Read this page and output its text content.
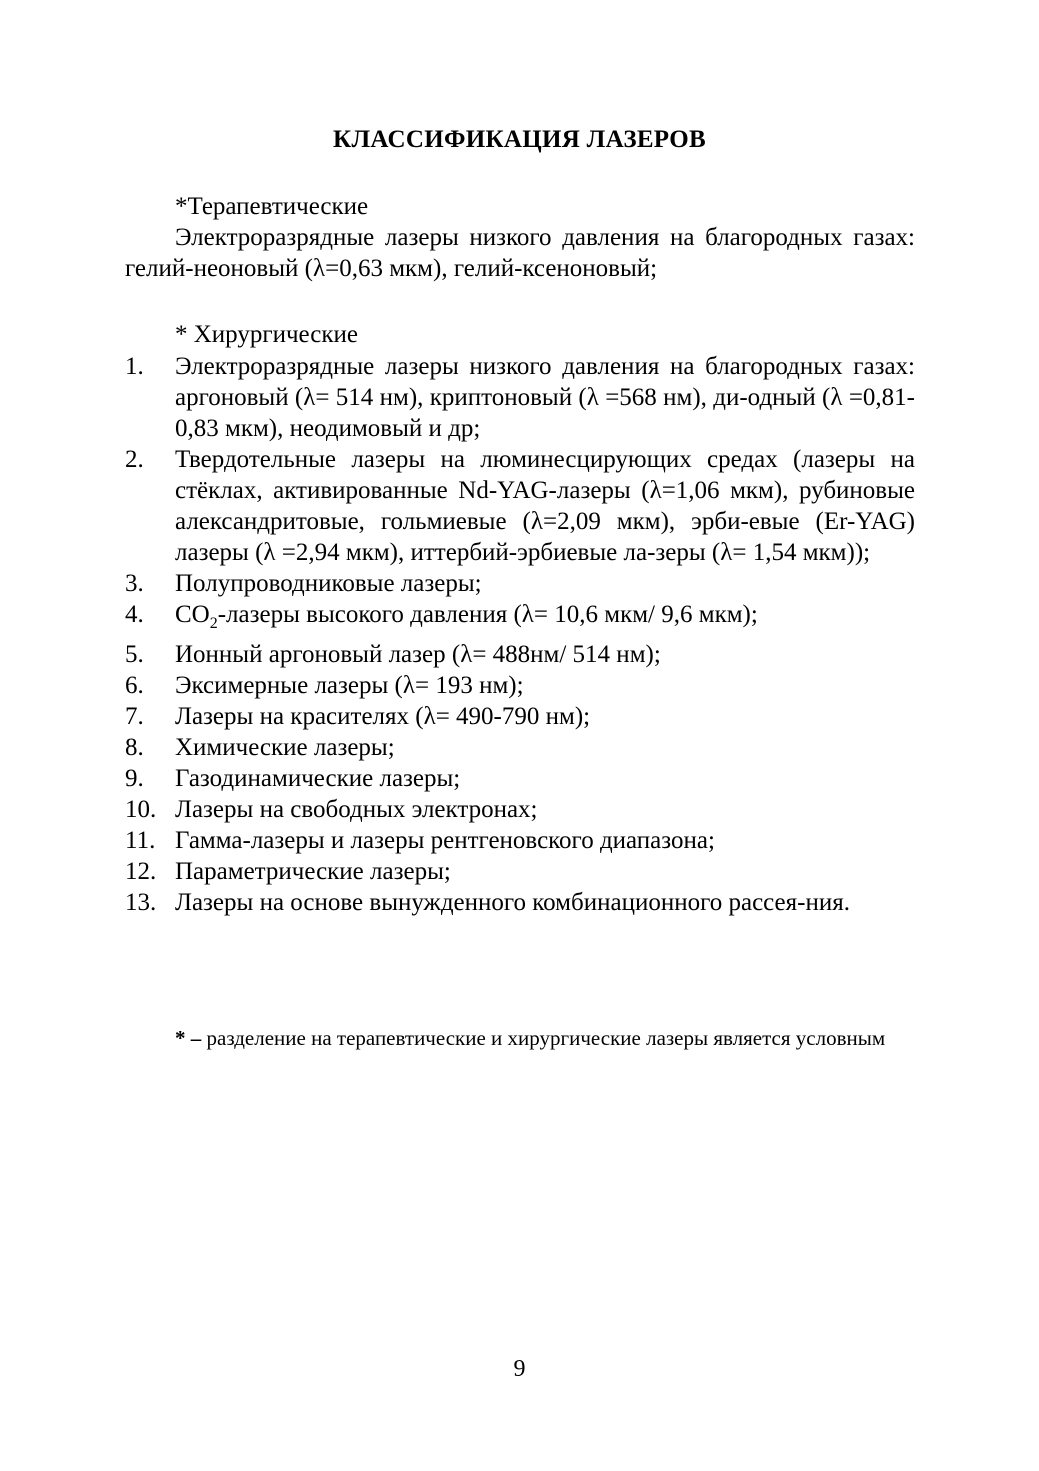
КЛАССИФИКАЦИЯ ЛАЗЕРОВ
*Терапевтические
Электроразрядные лазеры низкого давления на благородных газах: гелий-неоновый (λ=0,63 мкм), гелий-ксеноновый;
* Хирургические
1.	Электроразрядные лазеры низкого давления на благородных газах: аргоновый (λ= 514 нм), криптоновый (λ =568 нм), ди-одный (λ =0,81-0,83 мкм), неодимовый и др;
2.	Твердотельные лазеры на люминесцирующих средах (лазеры на стёклах, активированные Nd-YAG-лазеры (λ=1,06 мкм), рубиновые александритовые, гольмиевые (λ=2,09 мкм), эрби-евые (Er-YAG) лазеры (λ =2,94 мкм), иттербий-эрбиевые ла-зеры (λ= 1,54 мкм));
3.	Полупроводниковые лазеры;
4.	$CO_2$-лазеры высокого давления (λ= 10,6 мкм/ 9,6 мкм);
5.	Ионный аргоновый лазер (λ= 488нм/ 514 нм);
6.	Эксимерные лазеры (λ= 193 нм);
7.	Лазеры на красителях (λ= 490-790 нм);
8.	Химические лазеры;
9.	Газодинамические лазеры;
10. Лазеры на свободных электронах;
11. Гамма-лазеры и лазеры рентгеновского диапазона;
12. Параметрические лазеры;
13. Лазеры на основе вынужденного комбинационного рассея-ния.
* – разделение на терапевтические и хирургические лазеры является условным
9
